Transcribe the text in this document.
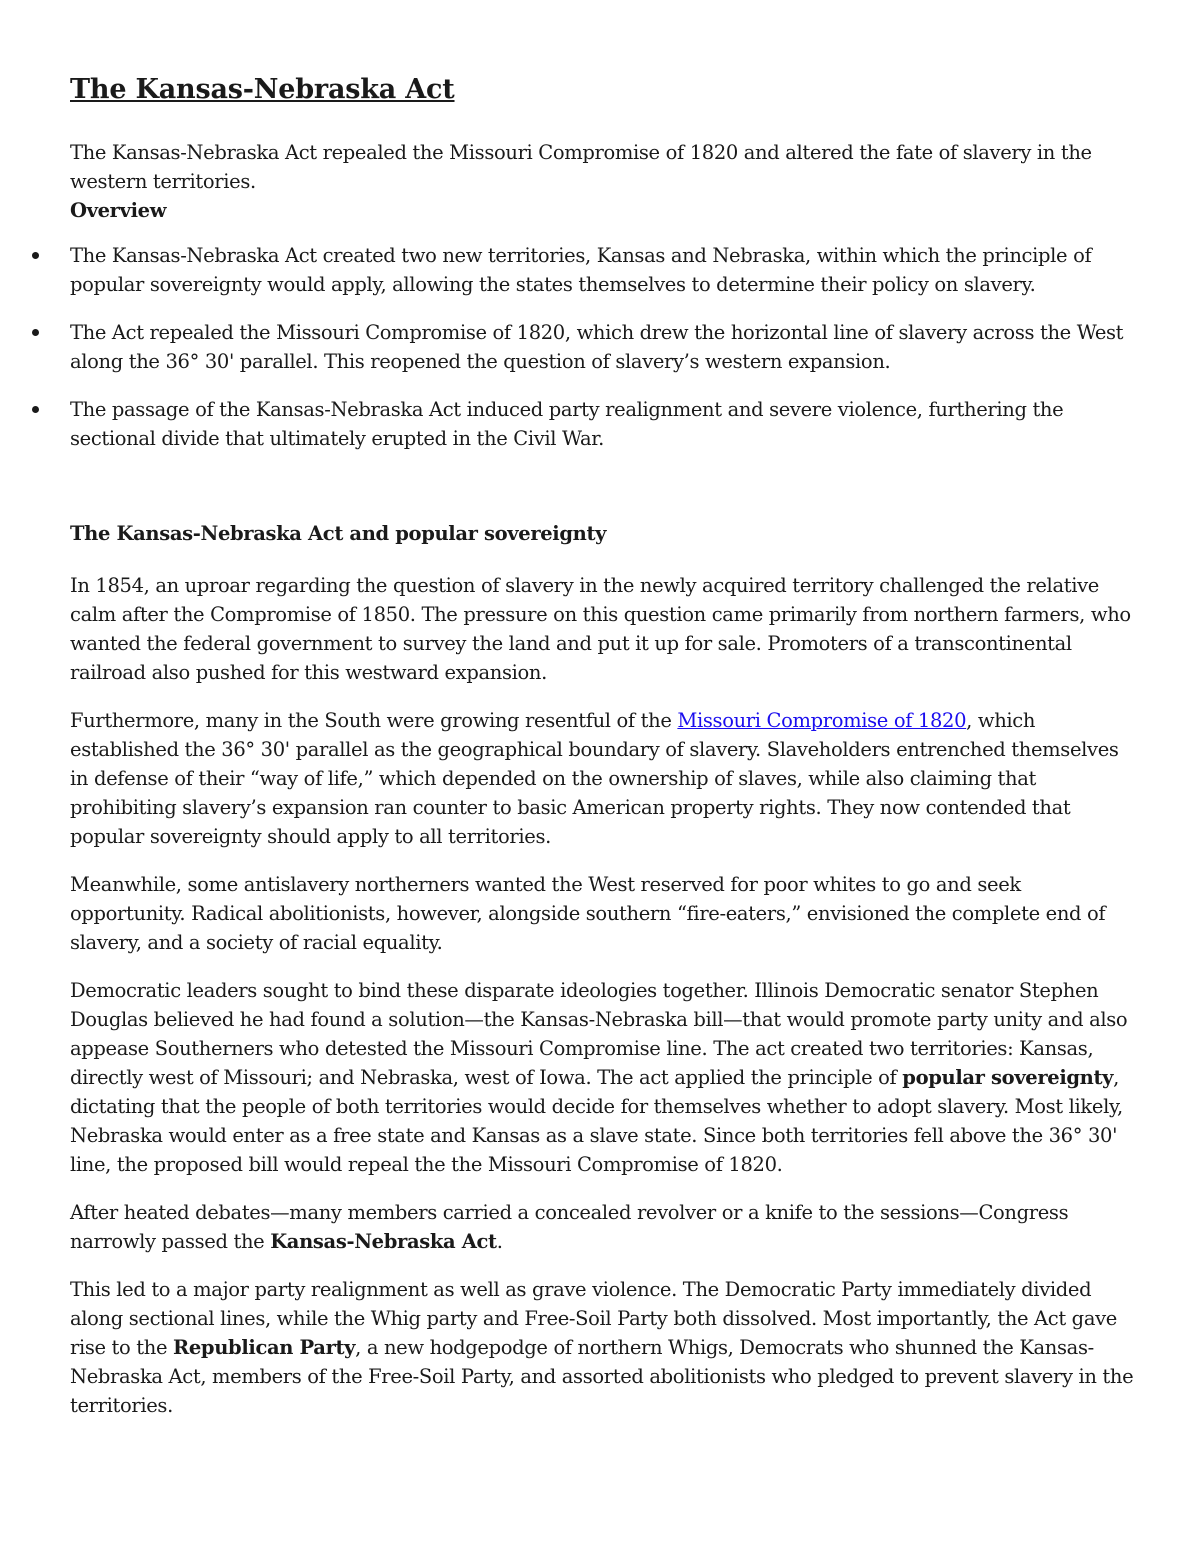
The Kansas-Nebraska Act

The Kansas-Nebraska Act repealed the Missouri Compromise of 1820 and altered the fate of slavery in the western territories.

Overview

The Kansas-Nebraska Act created two new territories, Kansas and Nebraska, within which the principle of popular sovereignty would apply, allowing the states themselves to determine their policy on slavery.
The Act repealed the Missouri Compromise of 1820, which drew the horizontal line of slavery across the West along the 36° 30' parallel. This reopened the question of slavery’s western expansion.
The passage of the Kansas-Nebraska Act induced party realignment and severe violence, furthering the sectional divide that ultimately erupted in the Civil War.

The Kansas-Nebraska Act and popular sovereignty

In 1854, an uproar regarding the question of slavery in the newly acquired territory challenged the relative calm after the Compromise of 1850. The pressure on this question came primarily from northern farmers, who wanted the federal government to survey the land and put it up for sale. Promoters of a transcontinental railroad also pushed for this westward expansion.

Furthermore, many in the South were growing resentful of the Missouri Compromise of 1820, which established the 36° 30' parallel as the geographical boundary of slavery. Slaveholders entrenched themselves in defense of their “way of life,” which depended on the ownership of slaves, while also claiming that prohibiting slavery’s expansion ran counter to basic American property rights. They now contended that popular sovereignty should apply to all territories.

Meanwhile, some antislavery northerners wanted the West reserved for poor whites to go and seek opportunity. Radical abolitionists, however, alongside southern “fire-eaters,” envisioned the complete end of slavery, and a society of racial equality.

Democratic leaders sought to bind these disparate ideologies together. Illinois Democratic senator Stephen Douglas believed he had found a solution—the Kansas-Nebraska bill—that would promote party unity and also appease Southerners who detested the Missouri Compromise line. The act created two territories: Kansas, directly west of Missouri; and Nebraska, west of Iowa. The act applied the principle of popular sovereignty, dictating that the people of both territories would decide for themselves whether to adopt slavery. Most likely, Nebraska would enter as a free state and Kansas as a slave state. Since both territories fell above the 36° 30' line, the proposed bill would repeal the the Missouri Compromise of 1820.

After heated debates—many members carried a concealed revolver or a knife to the sessions—Congress narrowly passed the Kansas-Nebraska Act.

This led to a major party realignment as well as grave violence. The Democratic Party immediately divided along sectional lines, while the Whig party and Free-Soil Party both dissolved. Most importantly, the Act gave rise to the Republican Party, a new hodgepodge of northern Whigs, Democrats who shunned the Kansas-Nebraska Act, members of the Free-Soil Party, and assorted abolitionists who pledged to prevent slavery in the territories.
